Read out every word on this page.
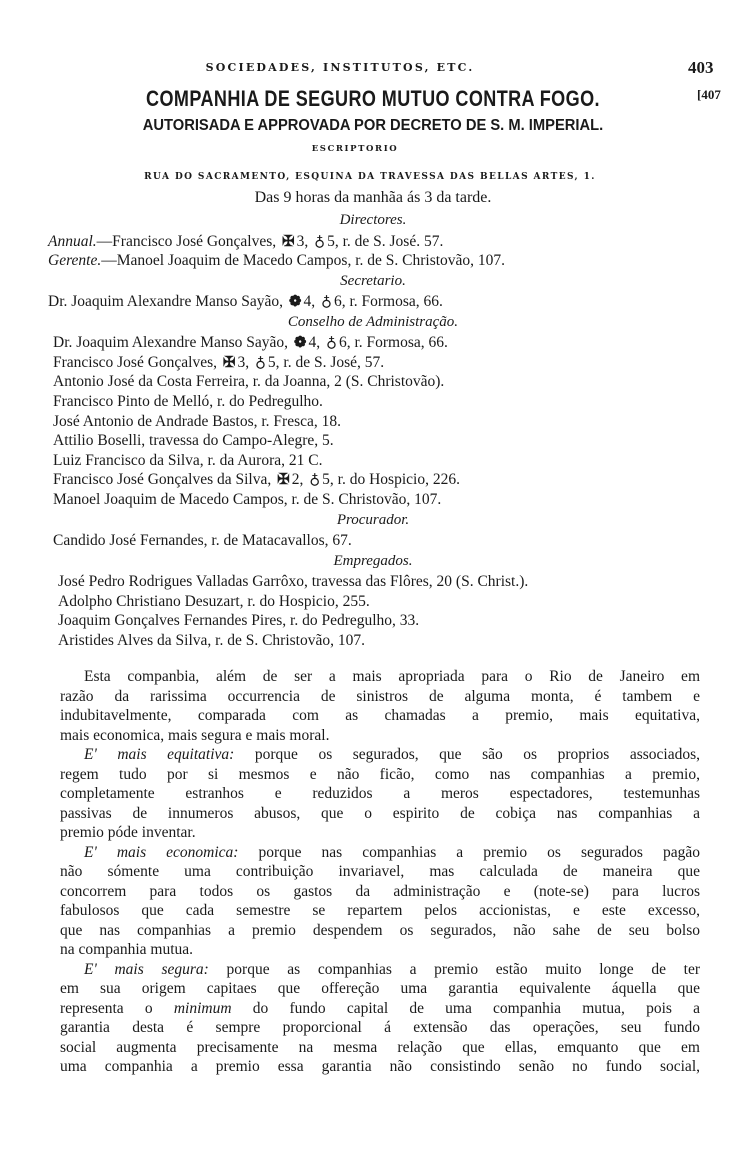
SOCIEDADES, INSTITUTOS, ETC.	403
COMPANHIA DE SEGURO MUTUO CONTRA FOGO.	[407
AUTORISADA E APPROVADA POR DECRETO DE S. M. IMPERIAL.
ESCRIPTORIO
RUA DO SACRAMENTO, ESQUINA DA TRAVESSA DAS BELLAS ARTES, 1.
Das 9 horas da manhãa ás 3 da tarde.
Directores.
Annual.—Francisco José Gonçalves, ✠ 3, ♁ 5, r. de S. José. 57.
Gerente.—Manoel Joaquim de Macedo Campos, r. de S. Christovão, 107.
Secretario.
Dr. Joaquim Alexandre Manso Sayão, ❁ 4, ♁ 6, r. Formosa, 66.
Conselho de Administração.
Dr. Joaquim Alexandre Manso Sayão, ❁ 4, ♁ 6, r. Formosa, 66.
Francisco José Gonçalves, ✠ 3, ♁ 5, r. de S. José, 57.
Antonio José da Costa Ferreira, r. da Joanna, 2 (S. Christovão).
Francisco Pinto de Melló, r. do Pedregulho.
José Antonio de Andrade Bastos, r. Fresca, 18.
Attilio Boselli, travessa do Campo-Alegre, 5.
Luiz Francisco da Silva, r. da Aurora, 21 C.
Francisco José Gonçalves da Silva, ✠ 2, ♁ 5, r. do Hospicio, 226.
Manoel Joaquim de Macedo Campos, r. de S. Christovão, 107.
Procurador.
Candido José Fernandes, r. de Matacavallos, 67.
Empregados.
José Pedro Rodrigues Valladas Garrôxo, travessa das Flôres, 20 (S. Christ.).
Adolpho Christiano Desuzart, r. do Hospicio, 255.
Joaquim Gonçalves Fernandes Pires, r. do Pedregulho, 33.
Aristides Alves da Silva, r. de S. Christovão, 107.
Esta companbia, além de ser a mais apropriada para o Rio de Janeiro em
razão da rarissima occurrencia de sinistros de alguma monta, é tambem e
indubitavelmente, comparada com as chamadas a premio, mais equitativa,
mais economica, mais segura e mais moral.
E' mais equitativa: porque os segurados, que são os proprios associados,
regem tudo por si mesmos e não ficão, como nas companhias a premio,
completamente estranhos e reduzidos a meros espectadores, testemunhas
passivas de innumeros abusos, que o espirito de cobiça nas companhias a
premio póde inventar.
E' mais economica: porque nas companhias a premio os segurados pagão
não sómente uma contribuição invariavel, mas calculada de maneira que
concorrem para todos os gastos da administração e (note-se) para lucros
fabulosos que cada semestre se repartem pelos accionistas, e este excesso,
que nas companhias a premio despendem os segurados, não sahe de seu bolso
na companhia mutua.
E' mais segura: porque as companhias a premio estão muito longe de ter
em sua origem capitaes que offereção uma garantia equivalente áquella que
representa o minimum do fundo capital de uma companhia mutua, pois a
garantia desta é sempre proporcional á extensão das operações, seu fundo
social augmenta precisamente na mesma relação que ellas, emquanto que em
uma companhia a premio essa garantia não consistindo senão no fundo social,
